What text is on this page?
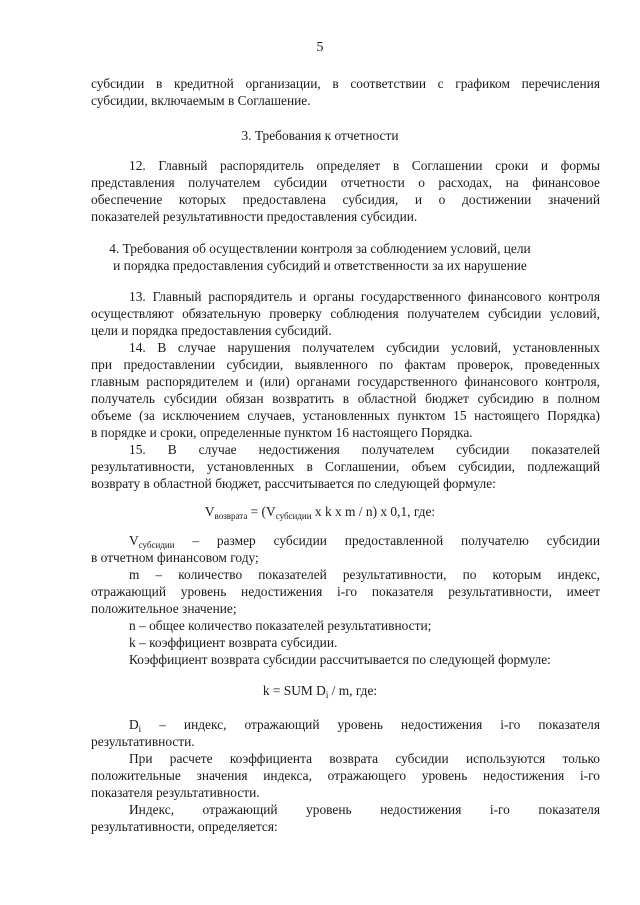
5
субсидии в кредитной организации, в соответствии с графиком перечисления
субсидии, включаемым в Соглашение.
3. Требования к отчетности
12. Главный распорядитель определяет в Соглашении сроки и формы
представления получателем субсидии отчетности о расходах, на финансовое
обеспечение которых предоставлена субсидия, и о достижении значений
показателей результативности предоставления субсидии.
4. Требования об осуществлении контроля за соблюдением условий, цели
и порядка предоставления субсидий и ответственности за их нарушение
13. Главный распорядитель и органы государственного финансового контроля
осуществляют обязательную проверку соблюдения получателем субсидии условий,
цели и порядка предоставления субсидий.
14. В случае нарушения получателем субсидии условий, установленных
при предоставлении субсидии, выявленного по фактам проверок, проведенных
главным распорядителем и (или) органами государственного финансового контроля,
получатель субсидии обязан возвратить в областной бюджет субсидию в полном
объеме (за исключением случаев, установленных пунктом 15 настоящего Порядка)
в порядке и сроки, определенные пунктом 16 настоящего Порядка.
15. В случае недостижения получателем субсидии показателей
результативности, установленных в Соглашении, объем субсидии, подлежащий
возврату в областной бюджет, рассчитывается по следующей формуле:
$V_{возврата} = (V_{субсидии}$ x k x m / n) x 0,1, где:
$V_{субсидии}$ – размер субсидии предоставленной получателю субсидии
в отчетном финансовом году;
m – количество показателей результативности, по которым индекс,
отражающий уровень недостижения i-го показателя результативности, имеет
положительное значение;
n – общее количество показателей результативности;
k – коэффициент возврата субсидии.
Коэффициент возврата субсидии рассчитывается по следующей формуле:
k = SUM $D_i$ / m, где:
$D_i$ – индекс, отражающий уровень недостижения i-го показателя
результативности.
При расчете коэффициента возврата субсидии используются только
положительные значения индекса, отражающего уровень недостижения i-го
показателя результативности.
Индекс, отражающий уровень недостижения i-го показателя
результативности, определяется:
